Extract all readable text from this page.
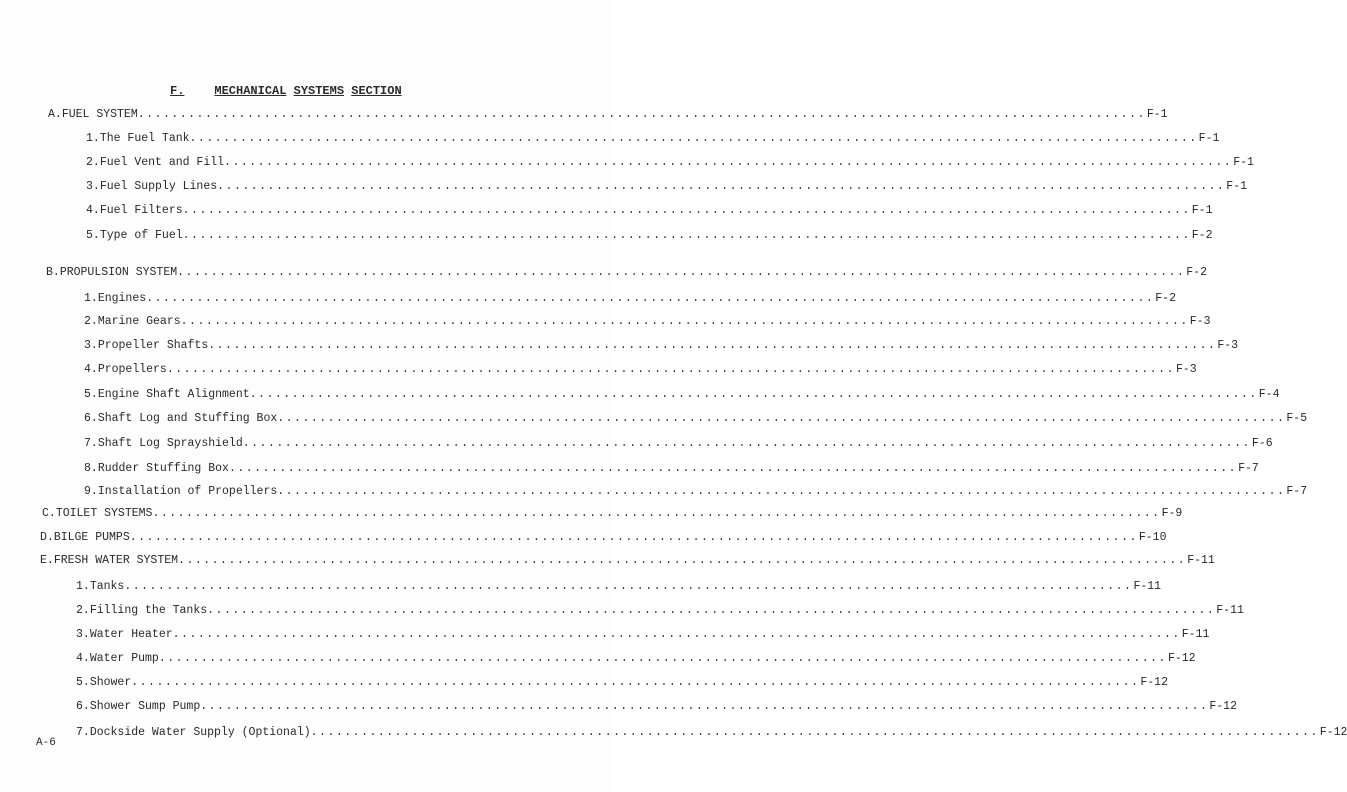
F.	MECHANICAL SYSTEMS SECTION
A. FUEL SYSTEM ........................................................................................................................ F-1
1. The Fuel Tank ........................................................................................................................ F-1
2. Fuel Vent and Fill ........................................................................................................................ F-1
3. Fuel Supply Lines ........................................................................................................................ F-1
4. Fuel Filters ........................................................................................................................ F-1
5. Type of Fuel ........................................................................................................................ F-2
B. PROPULSION SYSTEM ........................................................................................................................ F-2
1. Engines ........................................................................................................................ F-2
2. Marine Gears ........................................................................................................................ F-3
3. Propeller Shafts ........................................................................................................................ F-3
4. Propellers ........................................................................................................................ F-3
5. Engine Shaft Alignment ........................................................................................................................ F-4
6. Shaft Log and Stuffing Box ........................................................................................................................ F-5
7. Shaft Log Sprayshield ........................................................................................................................ F-6
8. Rudder Stuffing Box ........................................................................................................................ F-7
9. Installation of Propellers ........................................................................................................................ F-7
C. TOILET SYSTEMS ........................................................................................................................ F-9
D. BILGE PUMPS ........................................................................................................................ F-10
E. FRESH WATER SYSTEM ........................................................................................................................ F-11
1. Tanks ........................................................................................................................ F-11
2. Filling the Tanks ........................................................................................................................ F-11
3. Water Heater ........................................................................................................................ F-11
4. Water Pump ........................................................................................................................ F-12
5. Shower ........................................................................................................................ F-12
6. Shower Sump Pump ........................................................................................................................ F-12
7. Dockside Water Supply (Optional) ........................................................................................................................ F-12
A-6
